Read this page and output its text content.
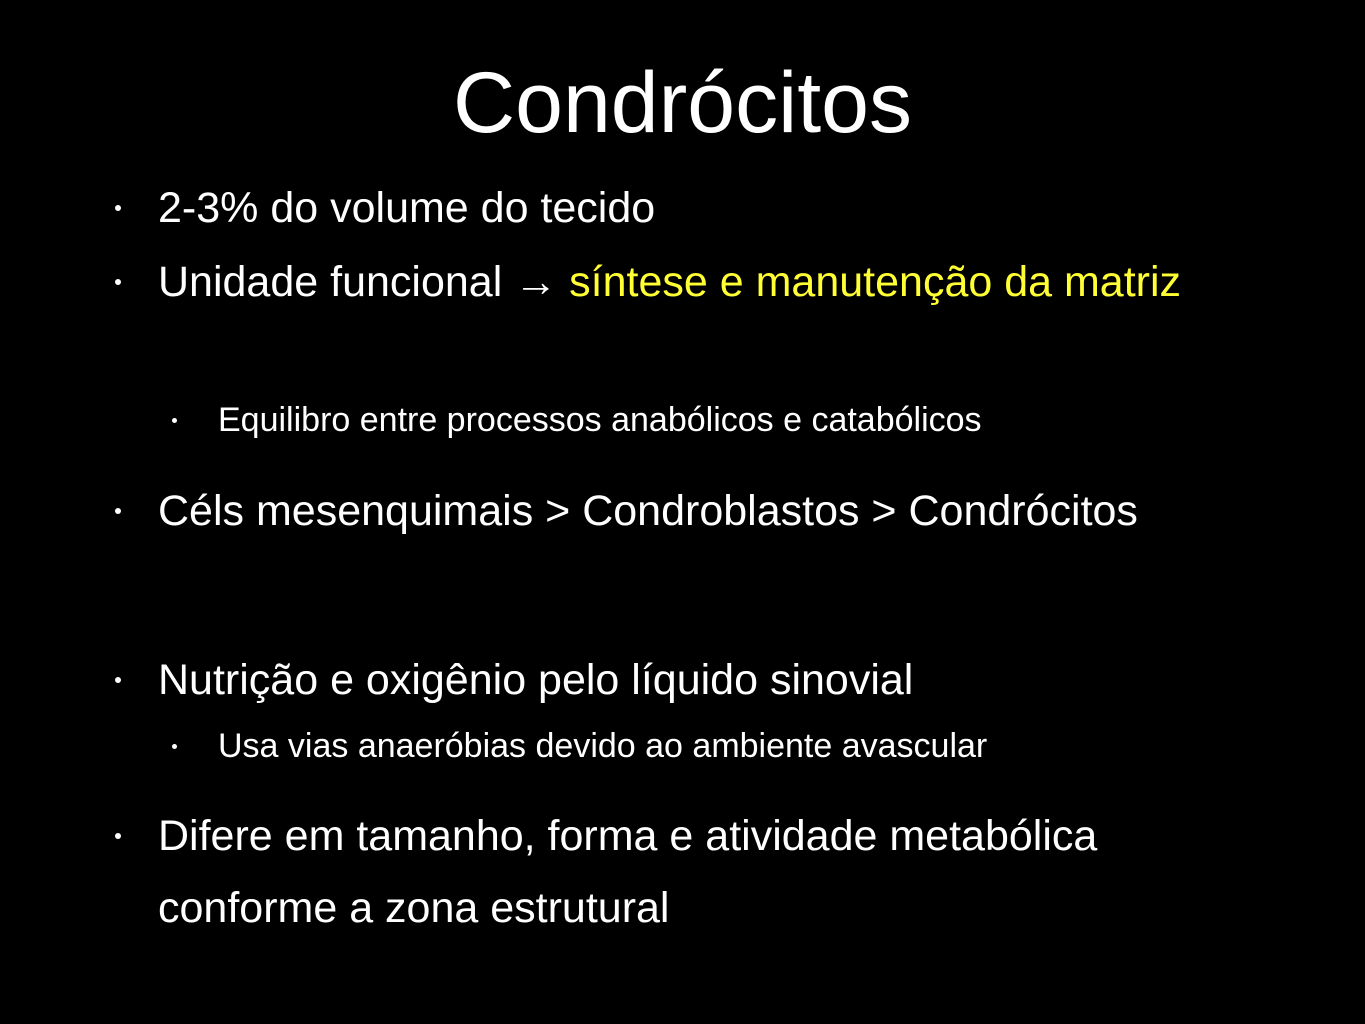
Condrócitos
2-3% do volume do tecido
Unidade funcional → síntese e manutenção da matriz
Equilibro entre processos anabólicos e catabólicos
Céls mesenquimais > Condroblastos > Condrócitos
Nutrição e oxigênio pelo líquido sinovial
Usa vias anaeróbias devido ao ambiente avascular
Difere em tamanho, forma e atividade metabólica conforme a zona estrutural
